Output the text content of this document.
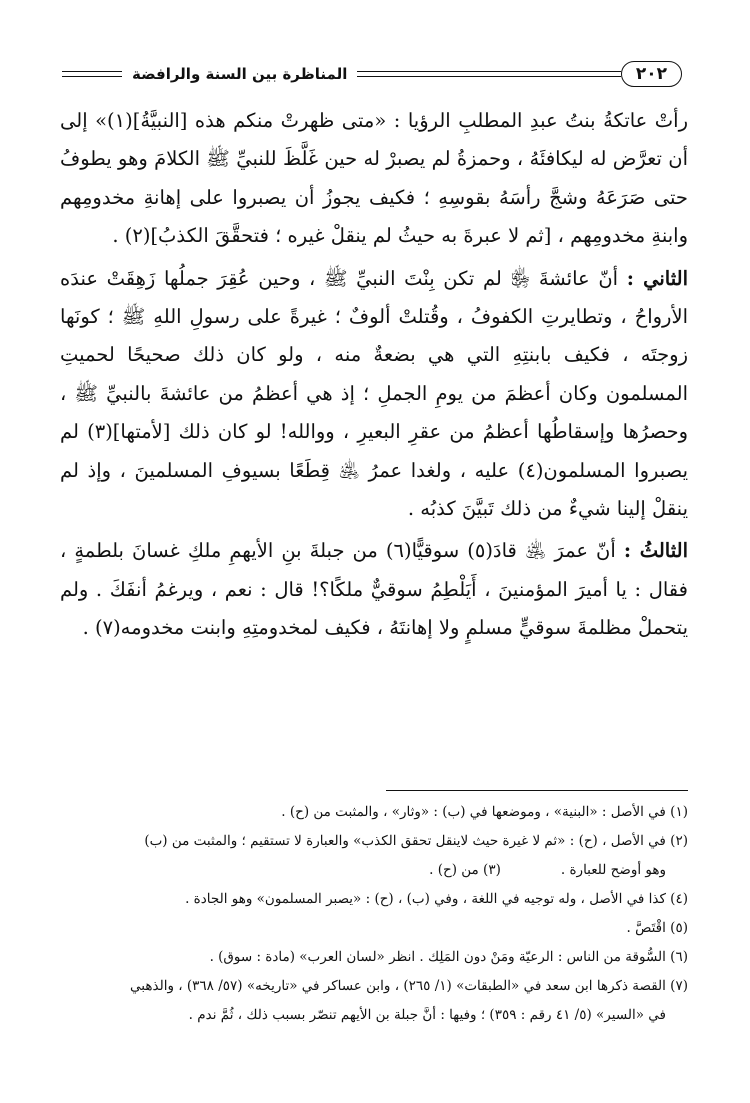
٢٠٢
المناظرة بين السنة والرافضة

رأتْ عاتكةُ بنتُ عبدِ المطلبِ الرؤيا : «متى ظهرتْ منكم هذه [النبيَّةُ](١)» إلى أن تعرَّض له ليكافئَهُ ، وحمزةُ لم يصبرْ له حين غَلَّظَ للنبيِّ ﷺ الكلامَ وهو يطوفُ حتى صَرَعَهُ وشجَّ رأسَهُ بقوسِهِ ؛ فكيف يجوزُ أن يصبروا على إهانةِ مخدومِهم وابنةِ مخدومِهم ، [ثم لا عبرةَ به حيثُ لم ينقلْ غيره ؛ فتحقَّقَ الكذبُ](٢) .

الثاني : أنّ عائشةَ ﵂ لم تكن بِنْتَ النبيِّ ﷺ ، وحين عُقِرَ جملُها زَهِقَتْ عندَه الأرواحُ ، وتطايرتِ الكفوفُ ، وقُتلتْ ألوفٌ ؛ غيرةً على رسولِ اللهِ ﷺ ؛ كونَها زوجتَه ، فكيف بابنتِهِ التي هي بضعةٌ منه ، ولو كان ذلك صحيحًا لحميتِ المسلمون وكان أعظمَ من يومِ الجملِ ؛ إذ هي أعظمُ من عائشةَ بالنبيِّ ﷺ ، وحصرُها وإسقاطُها أعظمُ من عقرِ البعيرِ ، ووالله! لو كان ذلك [لأمتها](٣) لم يصبروا المسلمون(٤) عليه ، ولغدا عمرُ ﵁ قِطَعًا بسيوفِ المسلمينَ ، وإذ لم ينقلْ إلينا شيءٌ من ذلك تَبيَّنَ كذبُه .

الثالثُ : أنّ عمرَ ﵁ قادَ(٥) سوقيًّا(٦) من جبلةَ بنِ الأيهمِ ملكِ غسانَ بلطمةٍ ، فقال : يا أميرَ المؤمنينَ ، أَيَلْطِمُ سوقيٌّ ملكًا؟! قال : نعم ، ويرغمُ أنفَكَ . ولم يتحملْ مظلمةَ سوقيٍّ مسلمٍ ولا إهانتَهُ ، فكيف لمخدومتِهِ وابنت مخدومه(٧) .

(١) في الأصل : «البنية» ، وموضعها في (ب) : «وثار» ، والمثبت من (ح) .
(٢) في الأصل ، (ح) : «ثم لا غيرة حيث لاينقل تحقق الكذب» والعبارة لا تستقيم ؛ والمثبت من (ب)
وهو أوضح للعبارة .(٣) من (ح) .
(٤) كذا في الأصل ، وله توجيه في اللغة ، وفي (ب) ، (ح) : «يصبر المسلمون» وهو الجادة .
(٥) اقْتَصَّ .
(٦) السُّوقة من الناس : الرعيّة ومَنْ دون المَلِك . انظر «لسان العرب» (مادة : سوق) .
(٧) القصة ذكرها ابن سعد في «الطبقات» (١/ ٢٦٥) ، وابن عساكر في «تاريخه» (٥٧/ ٣٦٨) ، والذهبي
في «السير» (٥/ ٤١ رقم : ٣٥٩) ؛ وفيها : أنَّ جبلة بن الأيهم تنصّر بسبب ذلك ، ثُمَّ ندم .
